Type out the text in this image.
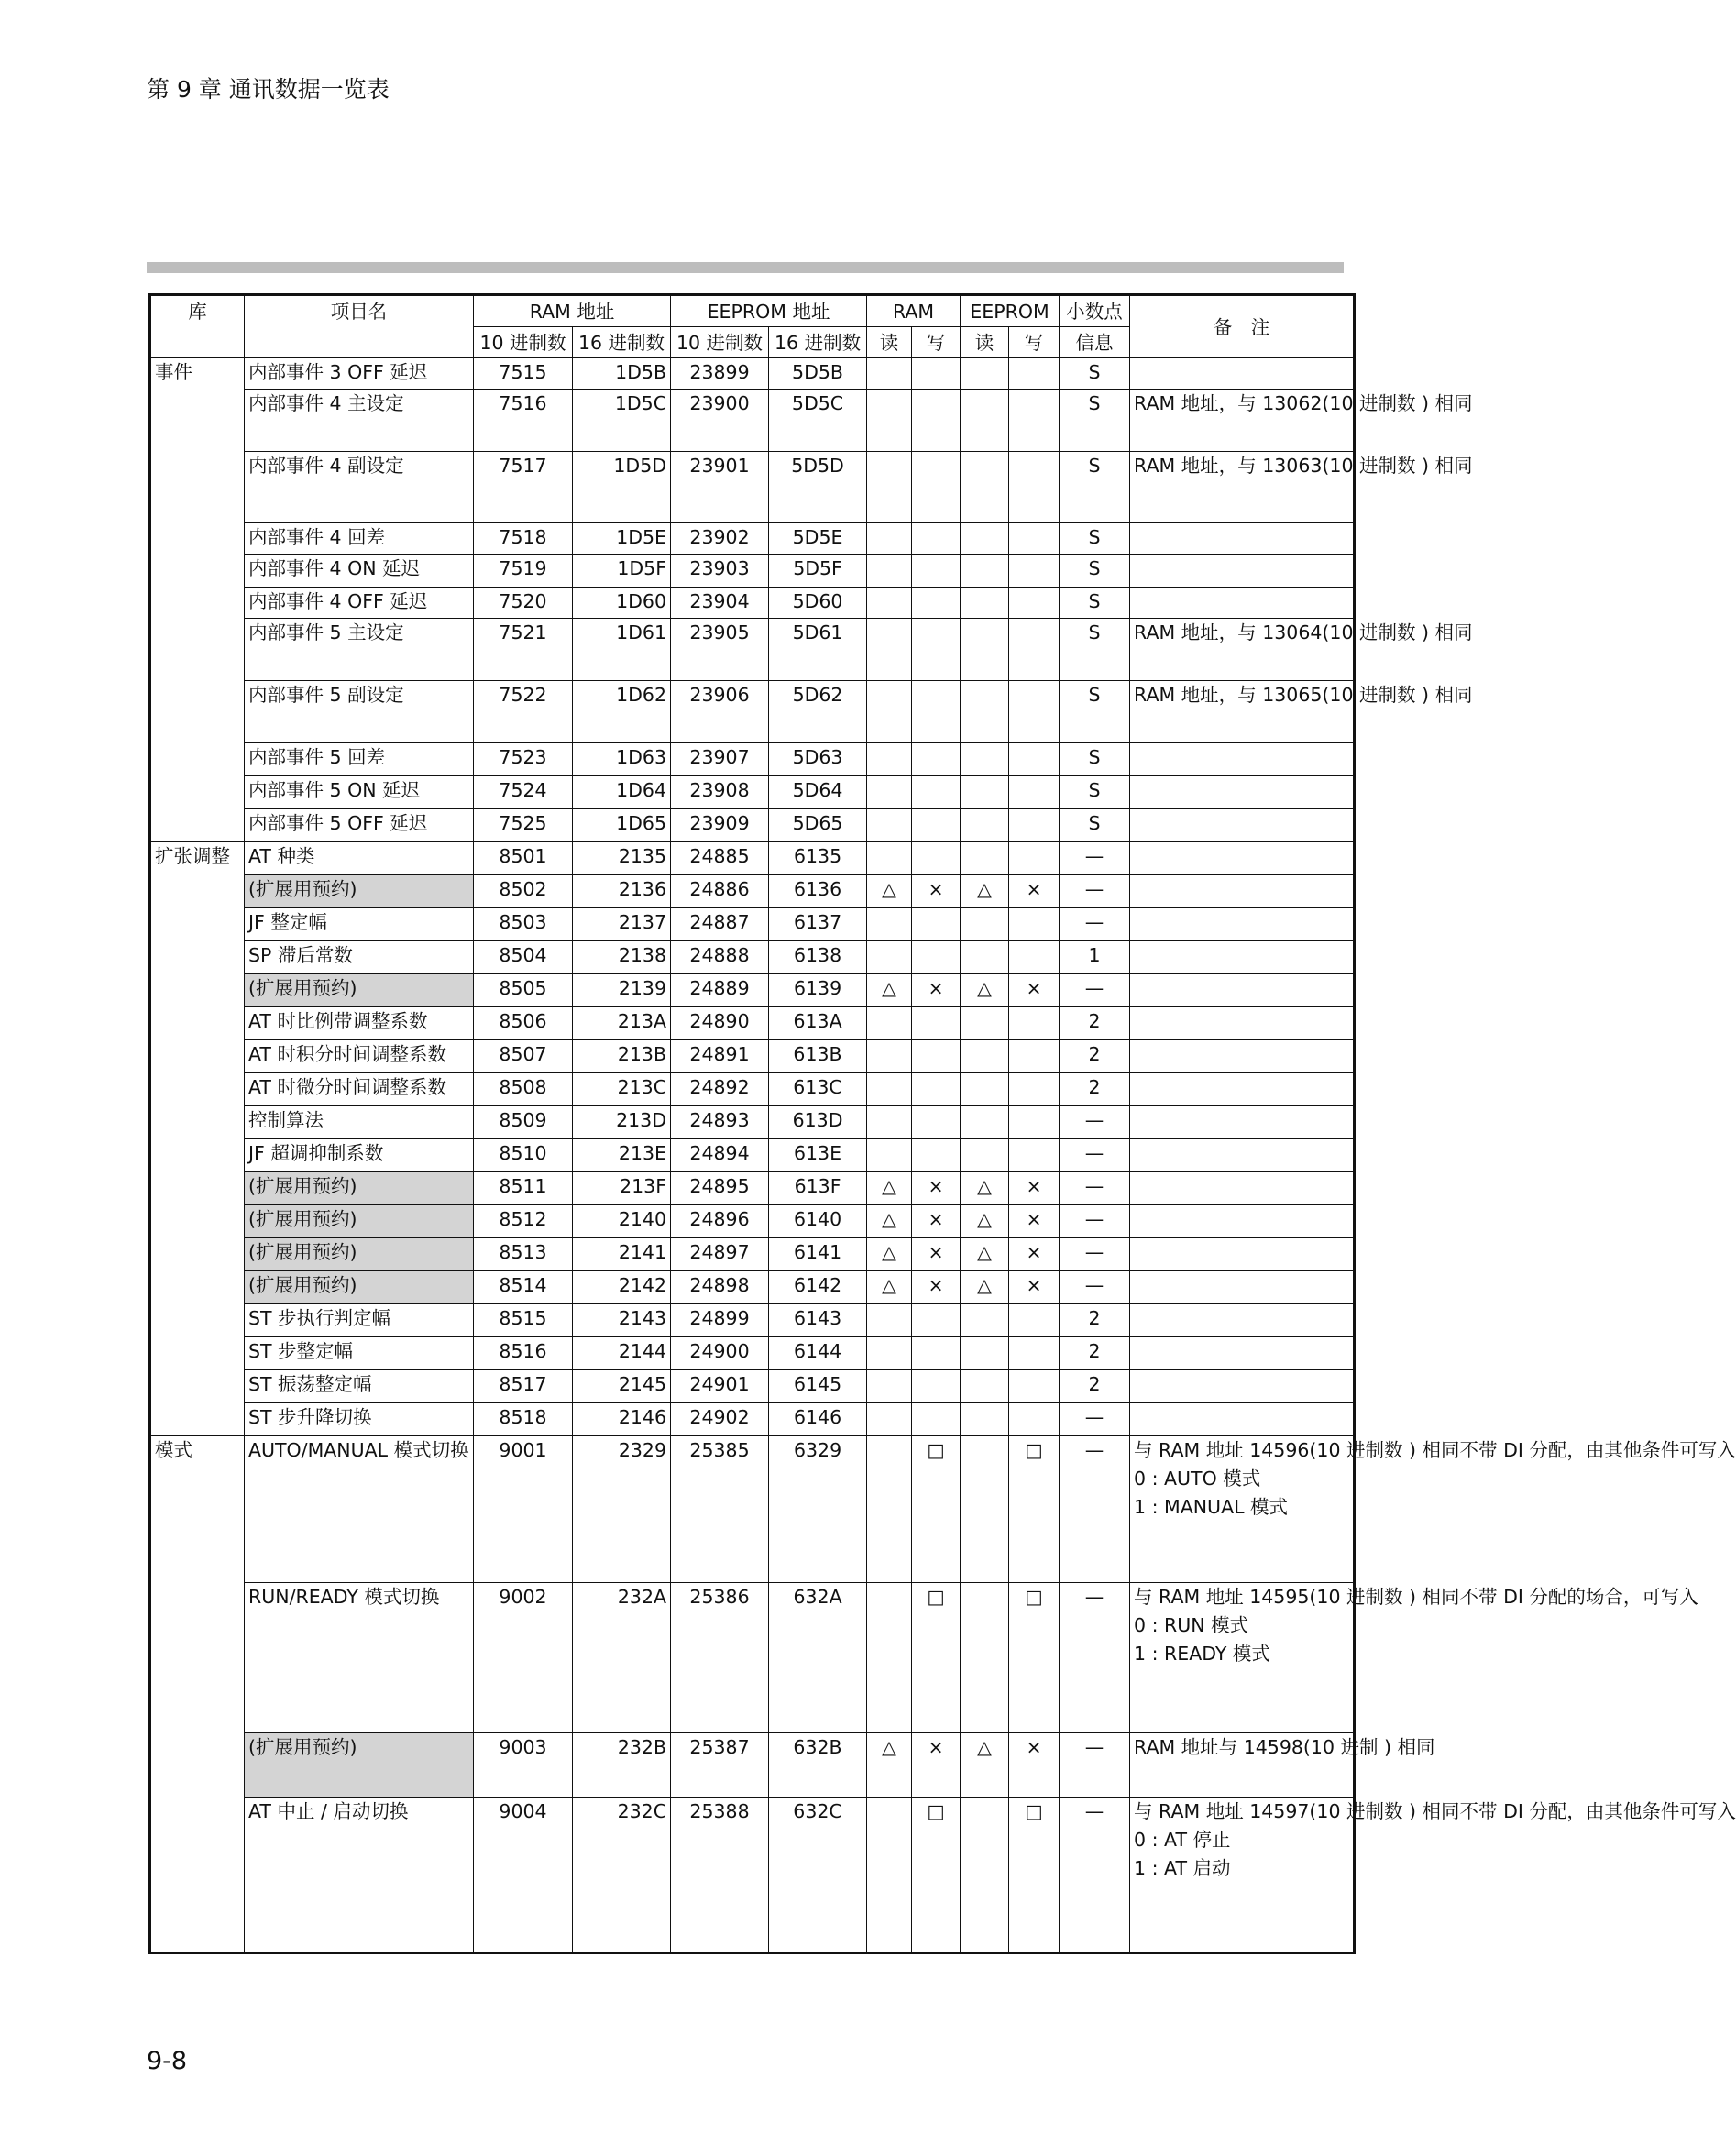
第 9 章 通讯数据一览表
库	项目名	RAM 地址		EEPROM 地址		RAM		EEPROM		小数点	备　注
		10 进制数	16 进制数	10 进制数	16 进制数	读	写	读	写	信息	
事件	内部事件 3 OFF 延迟	7515	1D5B	23899	5D5B					S	
	内部事件 4 主设定	7516	1D5C	23900	5D5C					S	RAM 地址，与 13062(10 进制数 ) 相同

	内部事件 4 副设定	7517	1D5D	23901	5D5D					S	RAM 地址，与 13063(10 进制数 ) 相同

	内部事件 4 回差	7518	1D5E	23902	5D5E					S	
	内部事件 4 ON 延迟	7519	1D5F	23903	5D5F					S	
	内部事件 4 OFF 延迟	7520	1D60	23904	5D60					S	
	内部事件 5 主设定	7521	1D61	23905	5D61					S	RAM 地址，与 13064(10 进制数 ) 相同

	内部事件 5 副设定	7522	1D62	23906	5D62					S	RAM 地址，与 13065(10 进制数 ) 相同

	内部事件 5 回差	7523	1D63	23907	5D63					S	
	内部事件 5 ON 延迟	7524	1D64	23908	5D64					S	
	内部事件 5 OFF 延迟	7525	1D65	23909	5D65					S	
扩张调整	AT 种类	8501	2135	24885	6135					—	
	(扩展用预约)	8502	2136	24886	6136	△	×	△	×	—	
	JF 整定幅	8503	2137	24887	6137					—	
	SP 滞后常数	8504	2138	24888	6138					1	
	(扩展用预约)	8505	2139	24889	6139	△	×	△	×	—	
	AT 时比例带调整系数	8506	213A	24890	613A					2	
	AT 时积分时间调整系数	8507	213B	24891	613B					2	
	AT 时微分时间调整系数	8508	213C	24892	613C					2	
	控制算法	8509	213D	24893	613D					—	
	JF 超调抑制系数	8510	213E	24894	613E					—	
	(扩展用预约)	8511	213F	24895	613F	△	×	△	×	—	
	(扩展用预约)	8512	2140	24896	6140	△	×	△	×	—	
	(扩展用预约)	8513	2141	24897	6141	△	×	△	×	—	
	(扩展用预约)	8514	2142	24898	6142	△	×	△	×	—	
	ST 步执行判定幅	8515	2143	24899	6143					2	
	ST 步整定幅	8516	2144	24900	6144					2	
	ST 振荡整定幅	8517	2145	24901	6145					2	
	ST 步升降切换	8518	2146	24902	6146					—	
模式	AUTO/MANUAL 模式切换	9001	2329	25385	6329		□		□	—	与 RAM 地址 14596(10 进制数 ) 相同不带 DI 分配，由其他条件可写入
0 : AUTO 模式
1 : MANUAL 模式

	RUN/READY 模式切换	9002	232A	25386	632A		□		□	—	与 RAM 地址 14595(10 进制数 ) 相同不带 DI 分配的场合，可写入
0 : RUN 模式
1 : READY 模式

	(扩展用预约)	9003	232B	25387	632B	△	×	△	×	—	RAM 地址与 14598(10 进制 ) 相同

	AT 中止 / 启动切换	9004	232C	25388	632C		□		□	—	与 RAM 地址 14597(10 进制数 ) 相同不带 DI 分配，由其他条件可写入
0 : AT 停止
1 : AT 启动
9-8
